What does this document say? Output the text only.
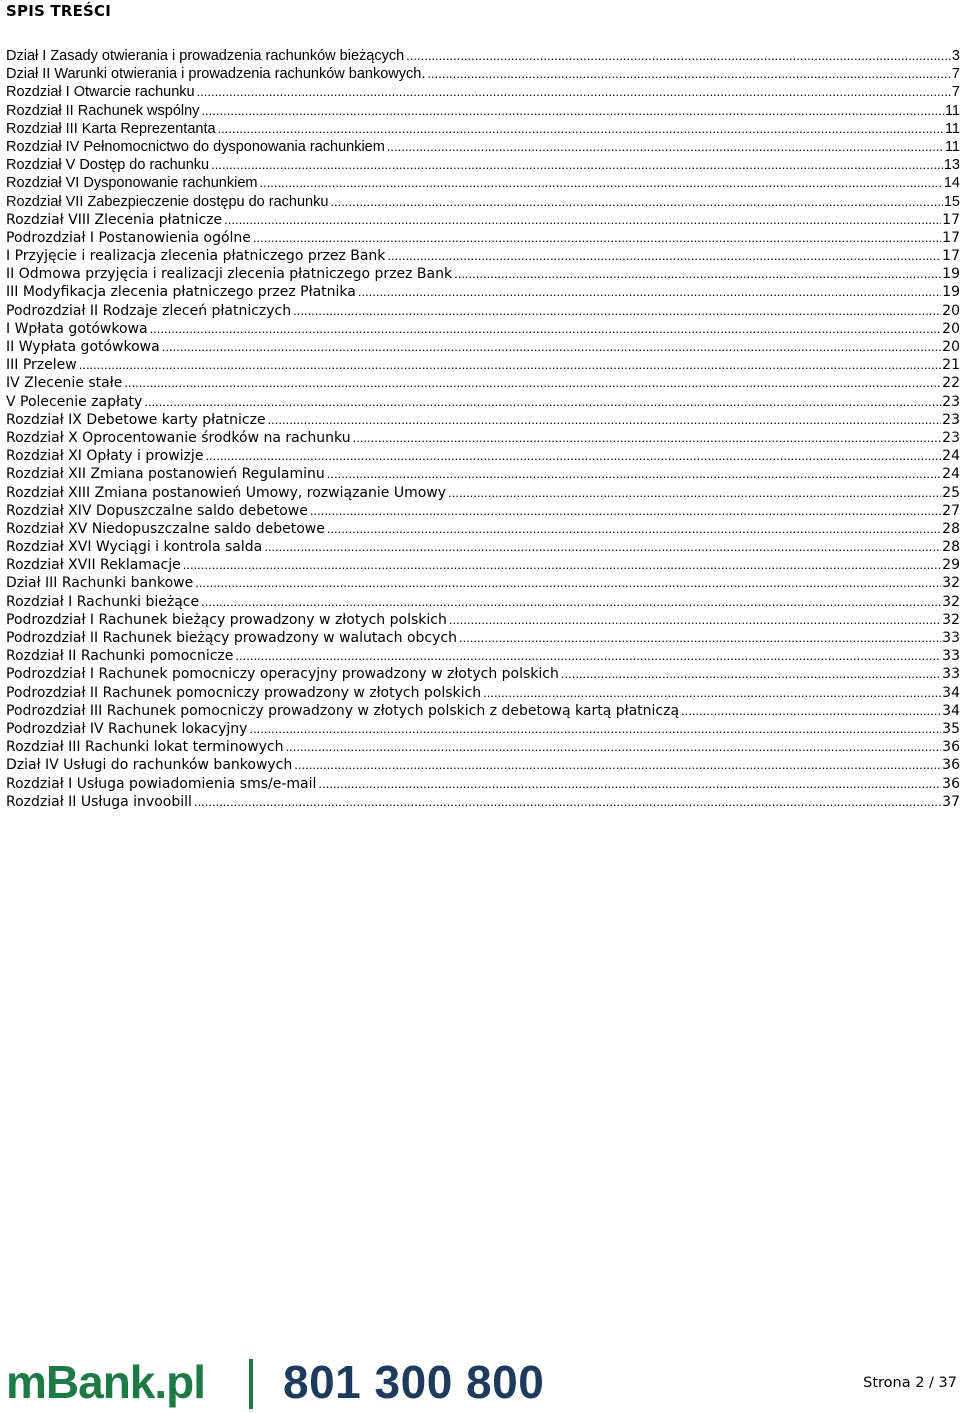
SPIS TREŚCI
Dział I Zasady otwierania i prowadzenia rachunków bieżących .....	3
Dział II Warunki otwierania i prowadzenia rachunków bankowych. .....	7
Rozdział I Otwarcie rachunku .....	7
Rozdział II Rachunek wspólny .....	11
Rozdział III Karta Reprezentanta .....	11
Rozdział IV Pełnomocnictwo do dysponowania rachunkiem .....	11
Rozdział V Dostęp do rachunku .....	13
Rozdział VI Dysponowanie rachunkiem .....	14
Rozdział VII Zabezpieczenie dostępu do rachunku .....	15
Rozdział VIII Zlecenia płatnicze .....	17
Podrozdział I Postanowienia ogólne .....	17
I Przyjęcie i realizacja zlecenia płatniczego przez Bank .....	17
II Odmowa przyjęcia i realizacji zlecenia płatniczego przez Bank .....	19
III Modyfikacja zlecenia płatniczego przez Płatnika .....	19
Podrozdział II Rodzaje zleceń płatniczych .....	20
I Wpłata gotówkowa .....	20
II Wypłata gotówkowa .....	20
III Przelew .....	21
IV Zlecenie stałe .....	22
V Polecenie zapłaty .....	23
Rozdział IX Debetowe karty płatnicze .....	23
Rozdział X Oprocentowanie środków na rachunku .....	23
Rozdział XI Opłaty i prowizje .....	24
Rozdział XII Zmiana postanowień Regulaminu .....	24
Rozdział XIII Zmiana postanowień Umowy, rozwiązanie Umowy .....	25
Rozdział XIV Dopuszczalne saldo debetowe .....	27
Rozdział XV Niedopuszczalne saldo debetowe .....	28
Rozdział XVI Wyciągi i kontrola salda .....	28
Rozdział XVII Reklamacje .....	29
Dział III Rachunki bankowe .....	32
Rozdział I Rachunki bieżące .....	32
Podrozdział I Rachunek bieżący prowadzony w złotych polskich .....	32
Podrozdział II Rachunek bieżący prowadzony w walutach obcych .....	33
Rozdział II Rachunki pomocnicze .....	33
Podrozdział I Rachunek pomocniczy operacyjny prowadzony w złotych polskich .....	33
Podrozdział II Rachunek pomocniczy prowadzony w złotych polskich .....	34
Podrozdział III Rachunek pomocniczy prowadzony w złotych polskich z debetową kartą płatniczą .....	34
Podrozdział IV Rachunek lokacyjny .....	35
Rozdział III Rachunki lokat terminowych .....	36
Dział IV Usługi do rachunków bankowych .....	36
Rozdział I Usługa powiadomienia sms/e-mail .....	36
Rozdział II Usługa invoobill .....	37
mBank.pl 801 300 800	Strona 2 / 37
